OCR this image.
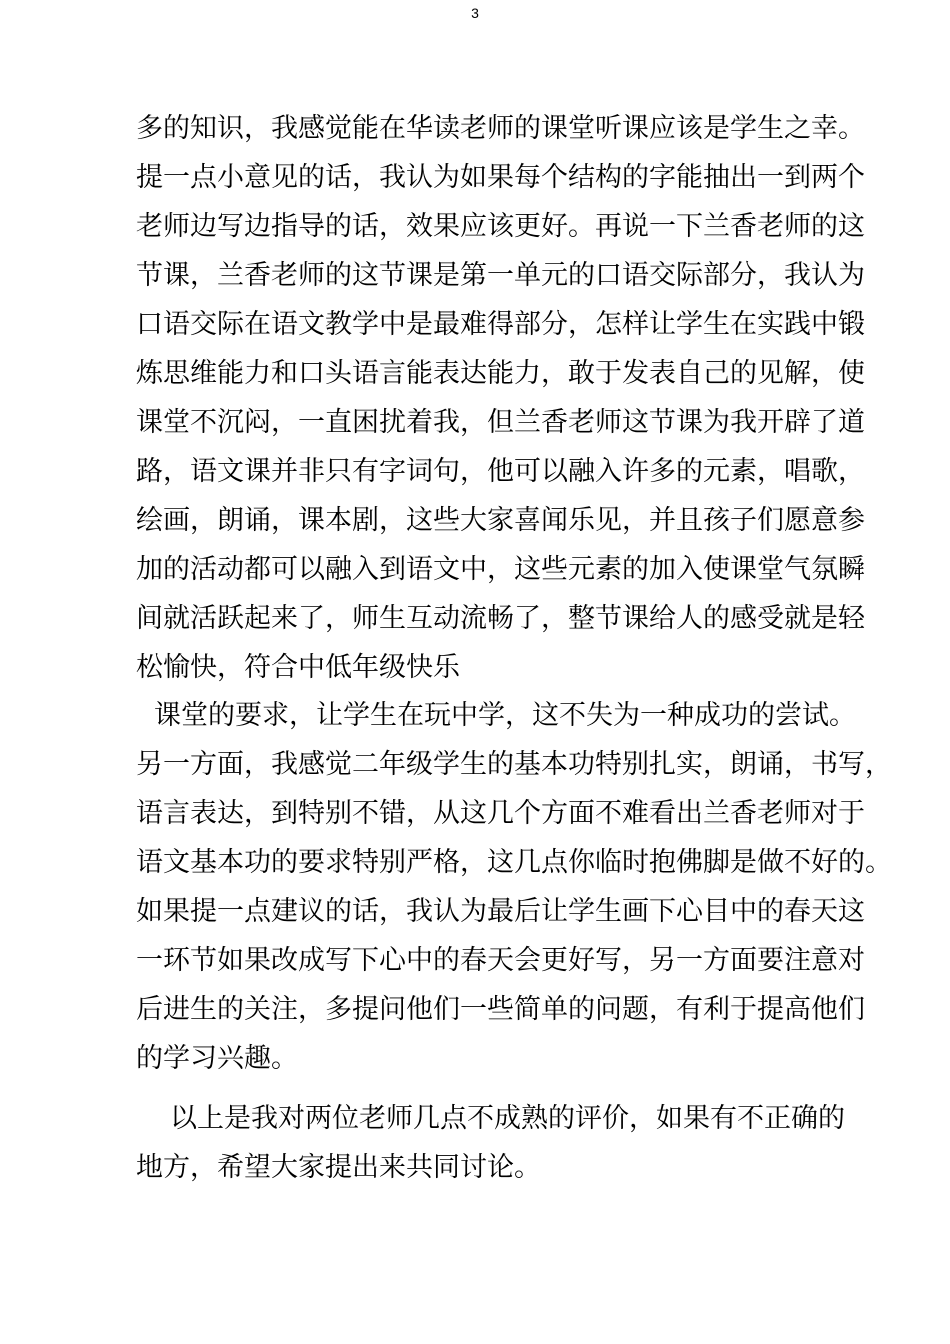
3
多的知识，我感觉能在华读老师的课堂听课应该是学生之幸。
提一点小意见的话，我认为如果每个结构的字能抽出一到两个
老师边写边指导的话，效果应该更好。再说一下兰香老师的这
节课，兰香老师的这节课是第一单元的口语交际部分，我认为
口语交际在语文教学中是最难得部分，怎样让学生在实践中锻
炼思维能力和口头语言能表达能力，敢于发表自己的见解，使
课堂不沉闷，一直困扰着我，但兰香老师这节课为我开辟了道
路，语文课并非只有字词句，他可以融入许多的元素，唱歌，
绘画，朗诵，课本剧，这些大家喜闻乐见，并且孩子们愿意参
加的活动都可以融入到语文中，这些元素的加入使课堂气氛瞬
间就活跃起来了，师生互动流畅了，整节课给人的感受就是轻
松愉快，符合中低年级快乐
课堂的要求，让学生在玩中学，这不失为一种成功的尝试。
另一方面，我感觉二年级学生的基本功特别扎实，朗诵，书写，
语言表达，到特别不错，从这几个方面不难看出兰香老师对于
语文基本功的要求特别严格，这几点你临时抱佛脚是做不好的。
如果提一点建议的话，我认为最后让学生画下心目中的春天这
一环节如果改成写下心中的春天会更好写，另一方面要注意对
后进生的关注，多提问他们一些简单的问题，有利于提高他们
的学习兴趣。
以上是我对两位老师几点不成熟的评价，如果有不正确的
地方，希望大家提出来共同讨论。
